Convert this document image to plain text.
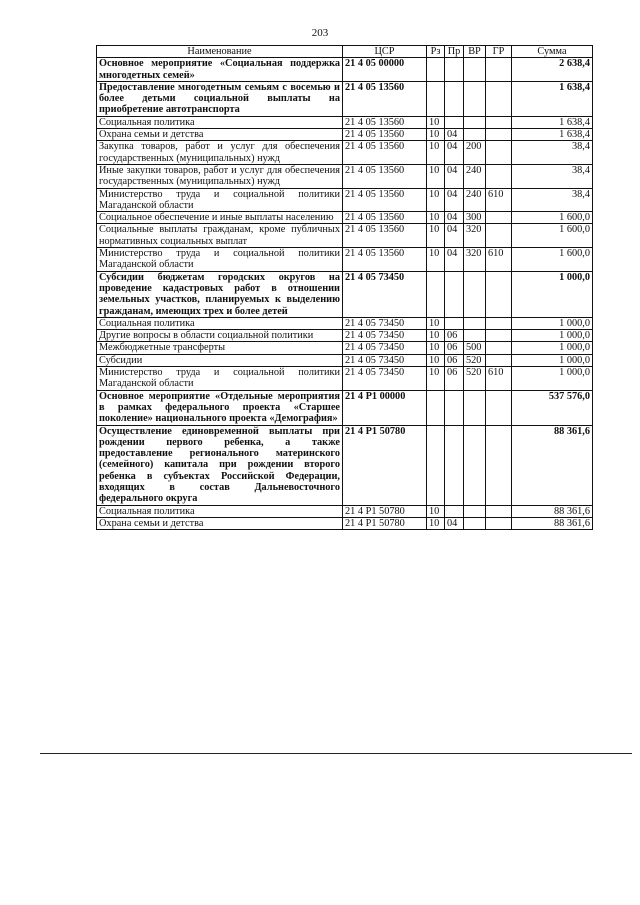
203
Наименование	ЦСР	Рз	Пр	ВР	ГР	Сумма
Основное мероприятие «Социальная поддержка многодетных семей»	21 4 05 00000					2 638,4
Предоставление многодетным семьям с восемью и более детьми социальной выплаты на приобретение автотранспорта	21 4 05 13560					1 638,4
Социальная политика	21 4 05 13560	10				1 638,4
Охрана семьи и детства	21 4 05 13560	10	04			1 638,4
Закупка товаров, работ и услуг для обеспечения государственных (муниципальных) нужд	21 4 05 13560	10	04	200		38,4
Иные закупки товаров, работ и услуг для обеспечения государственных (муниципальных) нужд	21 4 05 13560	10	04	240		38,4
Министерство труда и социальной политики Магаданской области	21 4 05 13560	10	04	240	610	38,4
Социальное обеспечение и иные выплаты населению	21 4 05 13560	10	04	300		1 600,0
Социальные выплаты гражданам, кроме публичных нормативных социальных выплат	21 4 05 13560	10	04	320		1 600,0
Министерство труда и социальной политики Магаданской области	21 4 05 13560	10	04	320	610	1 600,0
Субсидии бюджетам городских округов на проведение кадастровых работ в отношении земельных участков, планируемых к выделению гражданам, имеющих трех и более детей	21 4 05 73450					1 000,0
Социальная политика	21 4 05 73450	10				1 000,0
Другие вопросы в области социальной политики	21 4 05 73450	10	06			1 000,0
Межбюджетные трансферты	21 4 05 73450	10	06	500		1 000,0
Субсидии	21 4 05 73450	10	06	520		1 000,0
Министерство труда и социальной политики Магаданской области	21 4 05 73450	10	06	520	610	1 000,0
Основное мероприятие «Отдельные мероприятия в рамках федерального проекта «Старшее поколение» национального проекта «Демография»	21 4 P1 00000					537 576,0
Осуществление единовременной выплаты при рождении первого ребенка, а также предоставление регионального материнского (семейного) капитала при рождении второго ребенка в субъектах Российской Федерации, входящих в состав Дальневосточного федерального округа	21 4 P1 50780					88 361,6
Социальная политика	21 4 P1 50780	10				88 361,6
Охрана семьи и детства	21 4 P1 50780	10	04			88 361,6
